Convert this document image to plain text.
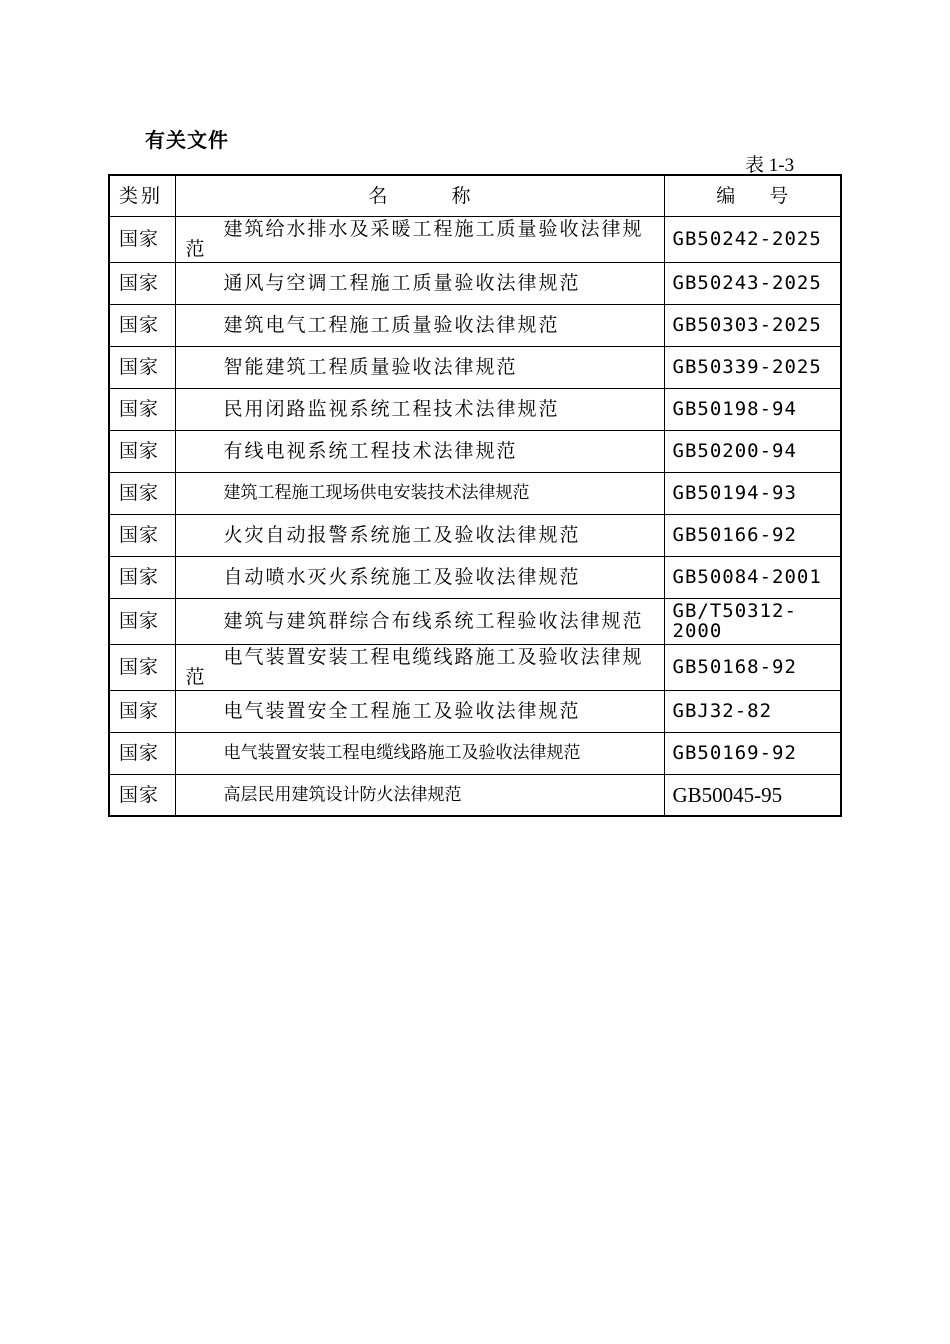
有关文件
表 1-3
类别	名 称	编 号
国家	建筑给水排水及采暖工程施工质量验收法律规范	GB50242-2025
国家	通风与空调工程施工质量验收法律规范	GB50243-2025
国家	建筑电气工程施工质量验收法律规范	GB50303-2025
国家	智能建筑工程质量验收法律规范	GB50339-2025
国家	民用闭路监视系统工程技术法律规范	GB50198-94
国家	有线电视系统工程技术法律规范	GB50200-94
国家	建筑工程施工现场供电安装技术法律规范	GB50194-93
国家	火灾自动报警系统施工及验收法律规范	GB50166-92
国家	自动喷水灭火系统施工及验收法律规范	GB50084-2001
国家	建筑与建筑群综合布线系统工程验收法律规范	GB/T50312-2000
国家	电气装置安装工程电缆线路施工及验收法律规范	GB50168-92
国家	电气装置安全工程施工及验收法律规范	GBJ32-82
国家	电气装置安装工程电缆线路施工及验收法律规范	GB50169-92
国家	高层民用建筑设计防火法律规范	GB50045-95
